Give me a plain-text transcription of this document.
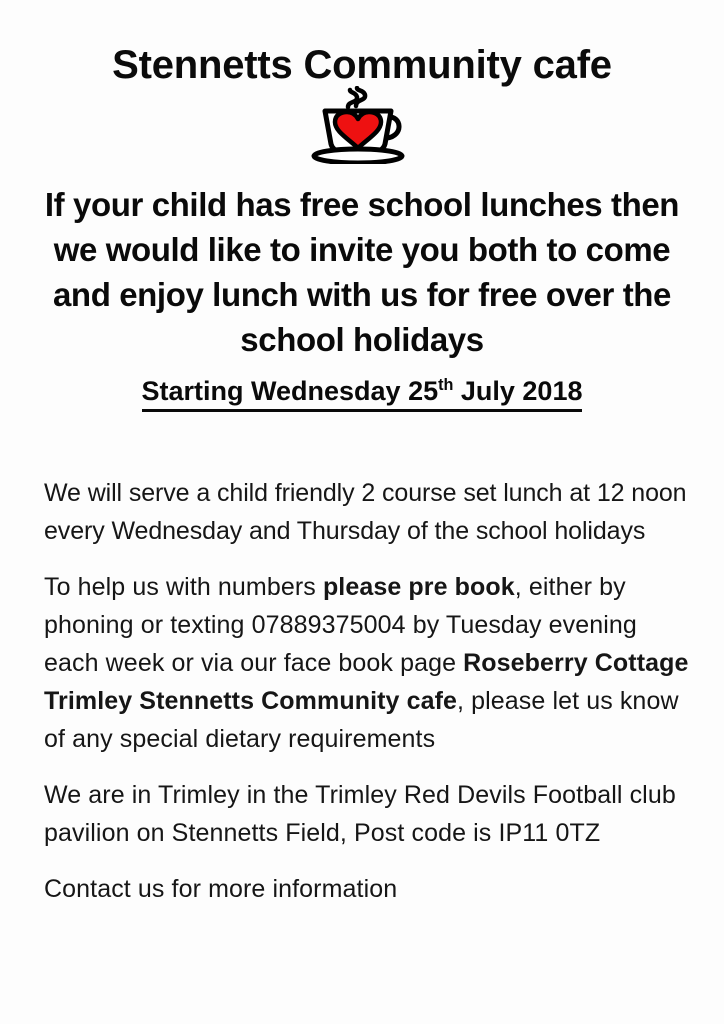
Stennetts Community cafe
If your child has free school lunches then we would like to invite you both to come and enjoy lunch with us for free over the school holidays
Starting Wednesday 25th July 2018

We will serve a child friendly 2 course set lunch at 12 noon every Wednesday and Thursday of the school holidays

To help us with numbers please pre book, either by phoning or texting 07889375004 by Tuesday evening each week or via our face book page Roseberry Cottage Trimley Stennetts Community cafe, please let us know of any special dietary requirements

We are in Trimley in the Trimley Red Devils Football club pavilion on Stennetts Field, Post code is IP11 0TZ

Contact us for more information
